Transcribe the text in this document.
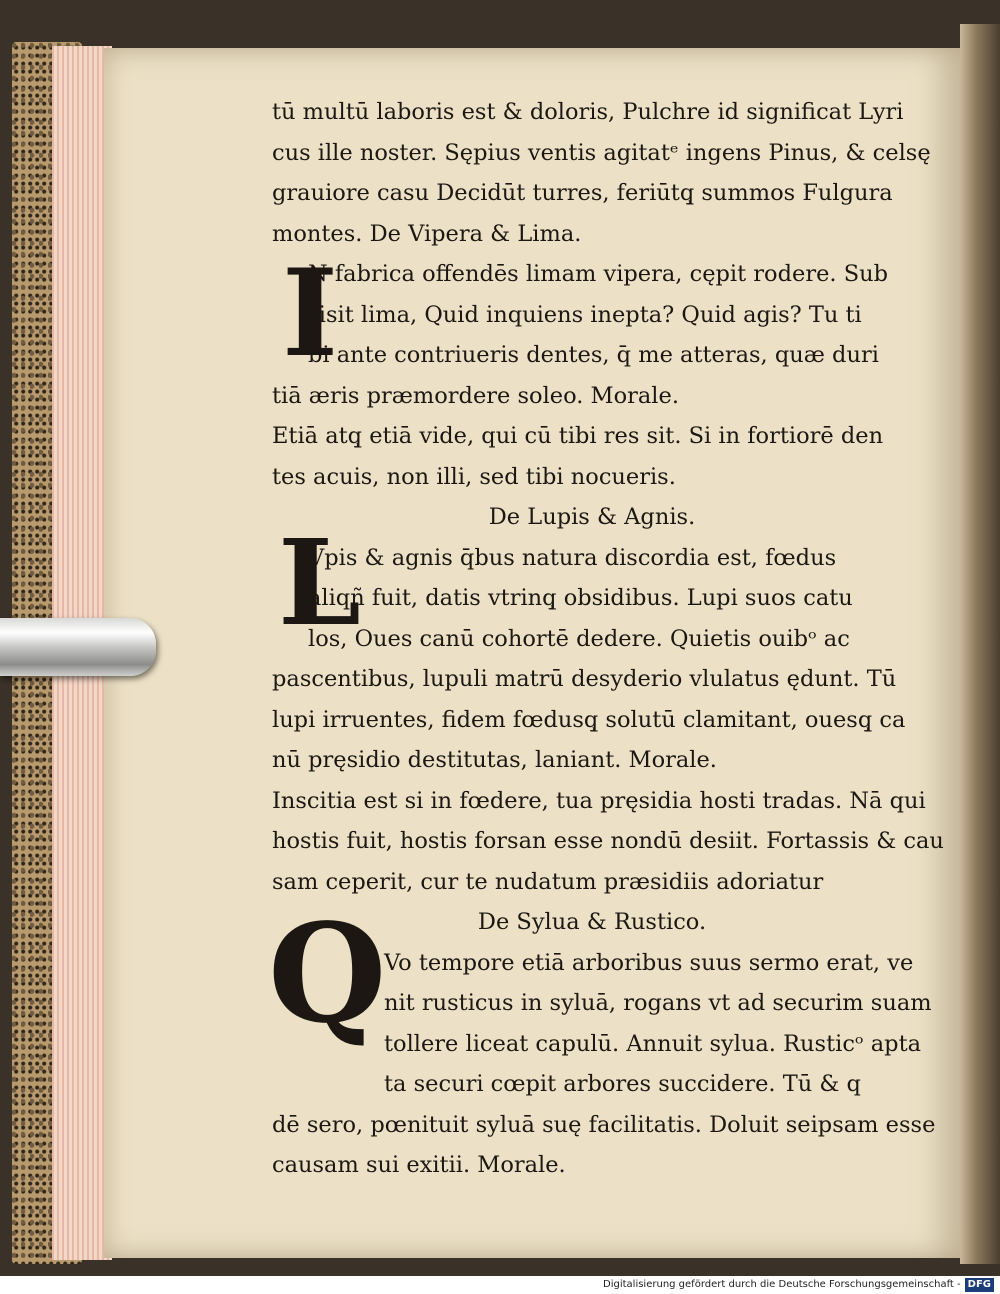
I
L
Q
tū multū laboris est & doloris, Pulchre id significat Lyri
cus ille noster. Sępius ventis agitatᵉ ingens Pinus, & celsę
grauiore casu Decidūt turres, feriūtq̧ summos Fulgura
montes. De Vipera & Lima.
N fabrica offendēs limam vipera, cępit rodere. Sub
risit lima, Quid inquiens inepta? Quid agis? Tu ti
bi ante contriueris dentes, q̄ me atteras, quæ duri
tiā æris præmordere soleo. Morale.
Etiā atq̧ etiā vide, qui cū tibi res sit. Si in fortiorē den
tes acuis, non illi, sed tibi nocueris.
De Lupis & Agnis.
Vpis & agnis q̄bus natura discordia est, fœdus
aliqñ fuit, datis vtrinq̧ obsidibus. Lupi suos catu
los, Oues canū cohortē dedere. Quietis ouibᵒ ac
pascentibus, lupuli matrū desyderio vlulatus ędunt. Tū
lupi irruentes, fidem fœdusq̧ solutū clamitant, ouesq̧ ca
nū pręsidio destitutas, laniant. Morale.
Inscitia est si in fœdere, tua pręsidia hosti tradas. Nā qui
hostis fuit, hostis forsan esse nondū desiit. Fortassis & cau
sam ceperit, cur te nudatum præsidiis adoriatur
De Sylua & Rustico.
Vo tempore etiā arboribus suus sermo erat, ve
nit rusticus in syluā, rogans vt ad securim suam
tollere liceat capulū. Annuit sylua. Rusticᵒ apta
ta securi cœpit arbores succidere. Tū & q
dē sero, pœnituit syluā suę facilitatis. Doluit seipsam esse
causam sui exitii. Morale.
Digitalisierung gefördert durch die Deutsche Forschungsgemeinschaft - DFG
